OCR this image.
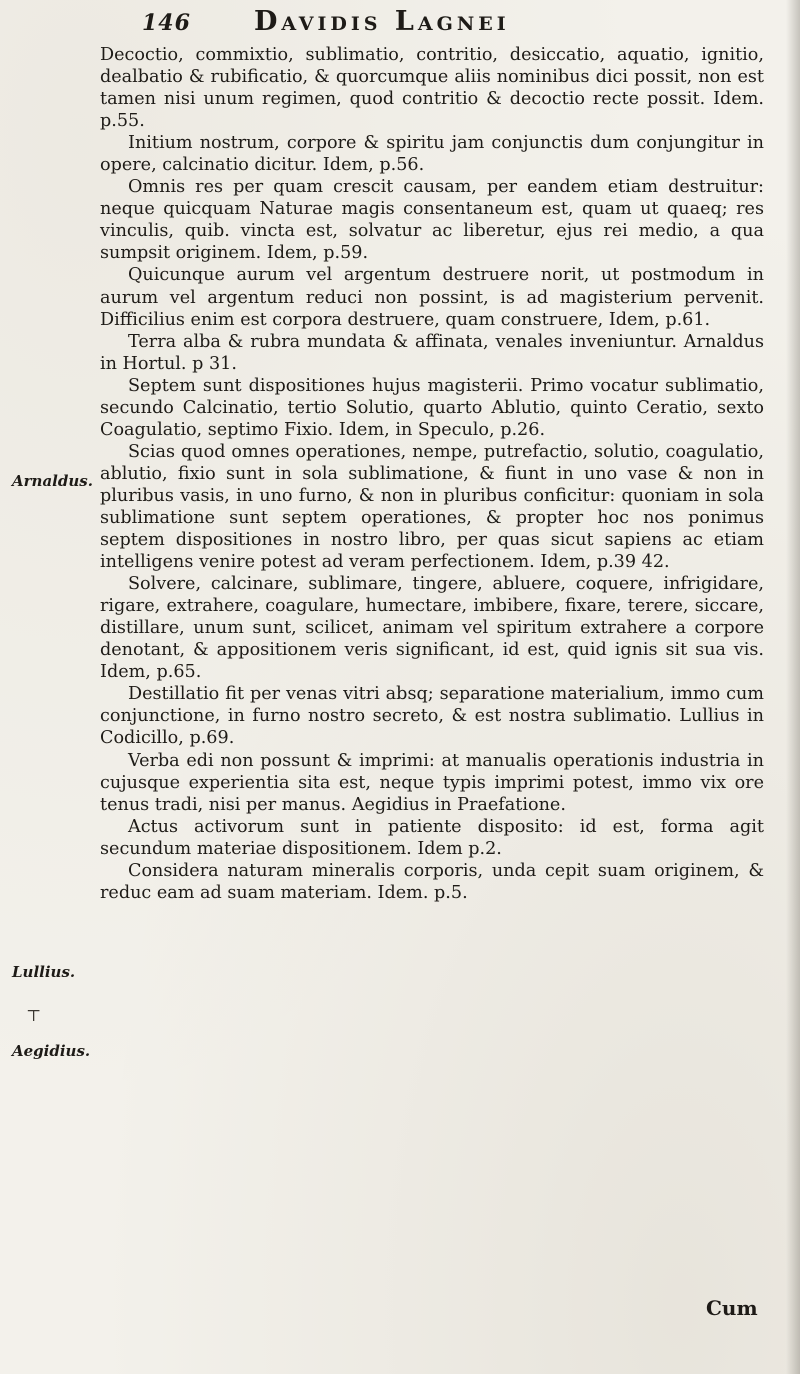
146 Davidis Lagnei
Arnaldus.
Lullius.
⊤
Aegidius.

Decoctio, commixtio, sublimatio, contritio, desiccatio, aquatio, ignitio, dealbatio & rubificatio, & quorcumque aliis nominibus dici possit, non est tamen nisi unum regimen, quod contritio & decoctio recte possit. Idem. p.55.

Initium nostrum, corpore & spiritu jam conjunctis dum conjungitur in opere, calcinatio dicitur. Idem, p.56.

Omnis res per quam crescit causam, per eandem etiam destruitur: neque quicquam Naturae magis consentaneum est, quam ut quaeq; res vinculis, quib. vincta est, solvatur ac liberetur, ejus rei medio, a qua sumpsit originem. Idem, p.59.

Quicunque aurum vel argentum destruere norit, ut postmodum in aurum vel argentum reduci non possint, is ad magisterium pervenit. Difficilius enim est corpora destruere, quam construere, Idem, p.61.

Terra alba & rubra mundata & affinata, venales inveniuntur. Arnaldus in Hortul. p 31.

Septem sunt dispositiones hujus magisterii. Primo vocatur sublimatio, secundo Calcinatio, tertio Solutio, quarto Ablutio, quinto Ceratio, sexto Coagulatio, septimo Fixio. Idem, in Speculo, p.26.

Scias quod omnes operationes, nempe, putrefactio, solutio, coagulatio, ablutio, fixio sunt in sola sublimatione, & fiunt in uno vase & non in pluribus vasis, in uno furno, & non in pluribus conficitur: quoniam in sola sublimatione sunt septem operationes, & propter hoc nos ponimus septem dispositiones in nostro libro, per quas sicut sapiens ac etiam intelligens venire potest ad veram perfectionem. Idem, p.39 42.

Solvere, calcinare, sublimare, tingere, abluere, coquere, infrigidare, rigare, extrahere, coagulare, humectare, imbibere, fixare, terere, siccare, distillare, unum sunt, scilicet, animam vel spiritum extrahere a corpore denotant, & appositionem veris significant, id est, quid ignis sit sua vis. Idem, p.65.

Destillatio fit per venas vitri absq; separatione materialium, immo cum conjunctione, in furno nostro secreto, & est nostra sublimatio. Lullius in Codicillo, p.69.

Verba edi non possunt & imprimi: at manualis operationis industria in cujusque experientia sita est, neque typis imprimi potest, immo vix ore tenus tradi, nisi per manus. Aegidius in Praefatione.

Actus activorum sunt in patiente disposito: id est, forma agit secundum materiae dispositionem. Idem p.2.

Considera naturam mineralis corporis, unda cepit suam originem, & reduc eam ad suam materiam. Idem. p.5.

Cum
